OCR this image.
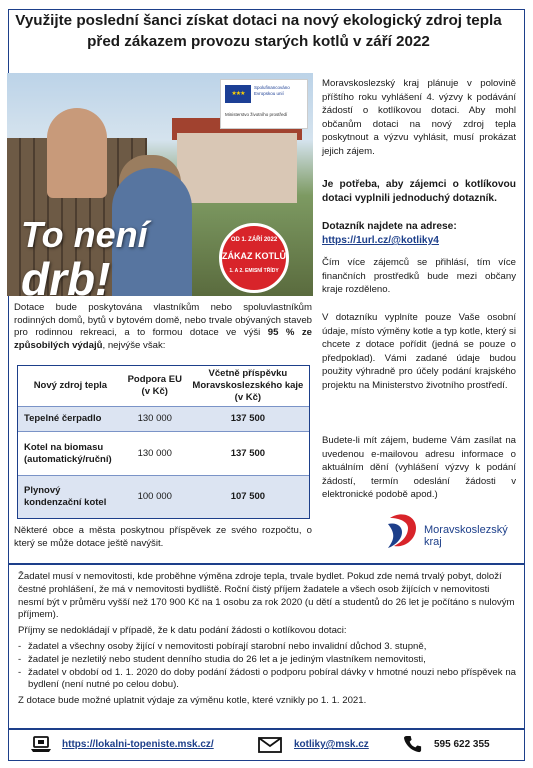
Využijte poslední šanci získat dotaci na nový ekologický zdroj tepla před zákazem provozu starých kotlů v září 2022
To není
drb!
★★★
Spolufinancováno Evropskou unií
Ministerstvo životního prostředí
OD 1. ZÁŘÍ 2022
ZÁKAZ KOTLŮ
1. A 2. EMISNÍ TŘÍDY

Dotace bude poskytována vlastníkům nebo spoluvlastníkům rodinných domů, bytů v bytovém domě, nebo trvale obývaných staveb pro rodinnou rekreaci, a to formou dotace ve výši 95 % ze způsobilých výdajů, nejvýše však:

Nový zdroj tepla	Podpora EU (v Kč)	Včetně příspěvku Moravskoslezského kaje (v Kč)
Tepelné čerpadlo	130 000	137 500
Kotel na biomasu (automatický/ruční)	130 000	137 500
Plynový kondenzační kotel	100 000	107 500

Některé obce a města poskytnou příspěvek ze svého rozpočtu, o který se může dotace ještě navýšit.

Moravskoslezský kraj plánuje v polovině příštího roku vyhlášení 4. výzvy k podávání žádostí o kotlíkovou dotaci. Aby mohl občanům dotaci na nový zdroj tepla poskytnout a výzvu vyhlásit, musí prokázat jejich zájem.

Je potřeba, aby zájemci o kotlíkovou dotaci vyplnili jednoduchý dotazník.

Dotazník najdete na adrese:

https://1url.cz/@kotliky4

Čím více zájemců se přihlásí, tím více finančních prostředků bude mezi občany kraje rozděleno.

V dotazníku vyplníte pouze Vaše osobní údaje, místo výměny kotle a typ kotle, který si chcete z dotace pořídit (jedná se pouze o předpoklad). Vámi zadané údaje budou použity výhradně pro účely podání krajského projektu na Ministerstvo životního prostředí.

Budete-li mít zájem, budeme Vám zasílat na uvedenou e-mailovou adresu informace o aktuálním dění (vyhlášení výzvy k podání žádostí, termín odeslání žádosti v elektronické podobě apod.)

Moravskoslezský
kraj

Žadatel musí v nemovitosti, kde proběhne výměna zdroje tepla, trvale bydlet. Pokud zde nemá trvalý pobyt, doloží čestné prohlášení, že má v nemovitosti bydliště. Roční čistý příjem žadatele a všech osob žijících v nemovitosti nesmí být v průměru vyšší než 170 900 Kč na 1 osobu za rok 2020 (u dětí a studentů do 26 let je počítáno s nulovým příjmem).

Příjmy se nedokládají v případě, že k datu podání žádosti o kotlíkovou dotaci:

- žadatel a všechny osoby žijící v nemovitosti pobírají starobní nebo invalidní důchod 3. stupně,
- žadatel je nezletilý nebo student denního studia do 26 let a je jediným vlastníkem nemovitosti,
- žadatel v období od 1. 1. 2020 do doby podání žádosti o podporu pobíral dávky v hmotné nouzi nebo příspěvek na bydlení (není nutné po celou dobu).

Z dotace bude možné uplatnit výdaje za výměnu kotle, které vznikly po 1. 1. 2021.

https://lokalni-topeniste.msk.cz/	kotliky@msk.cz	595 622 355
